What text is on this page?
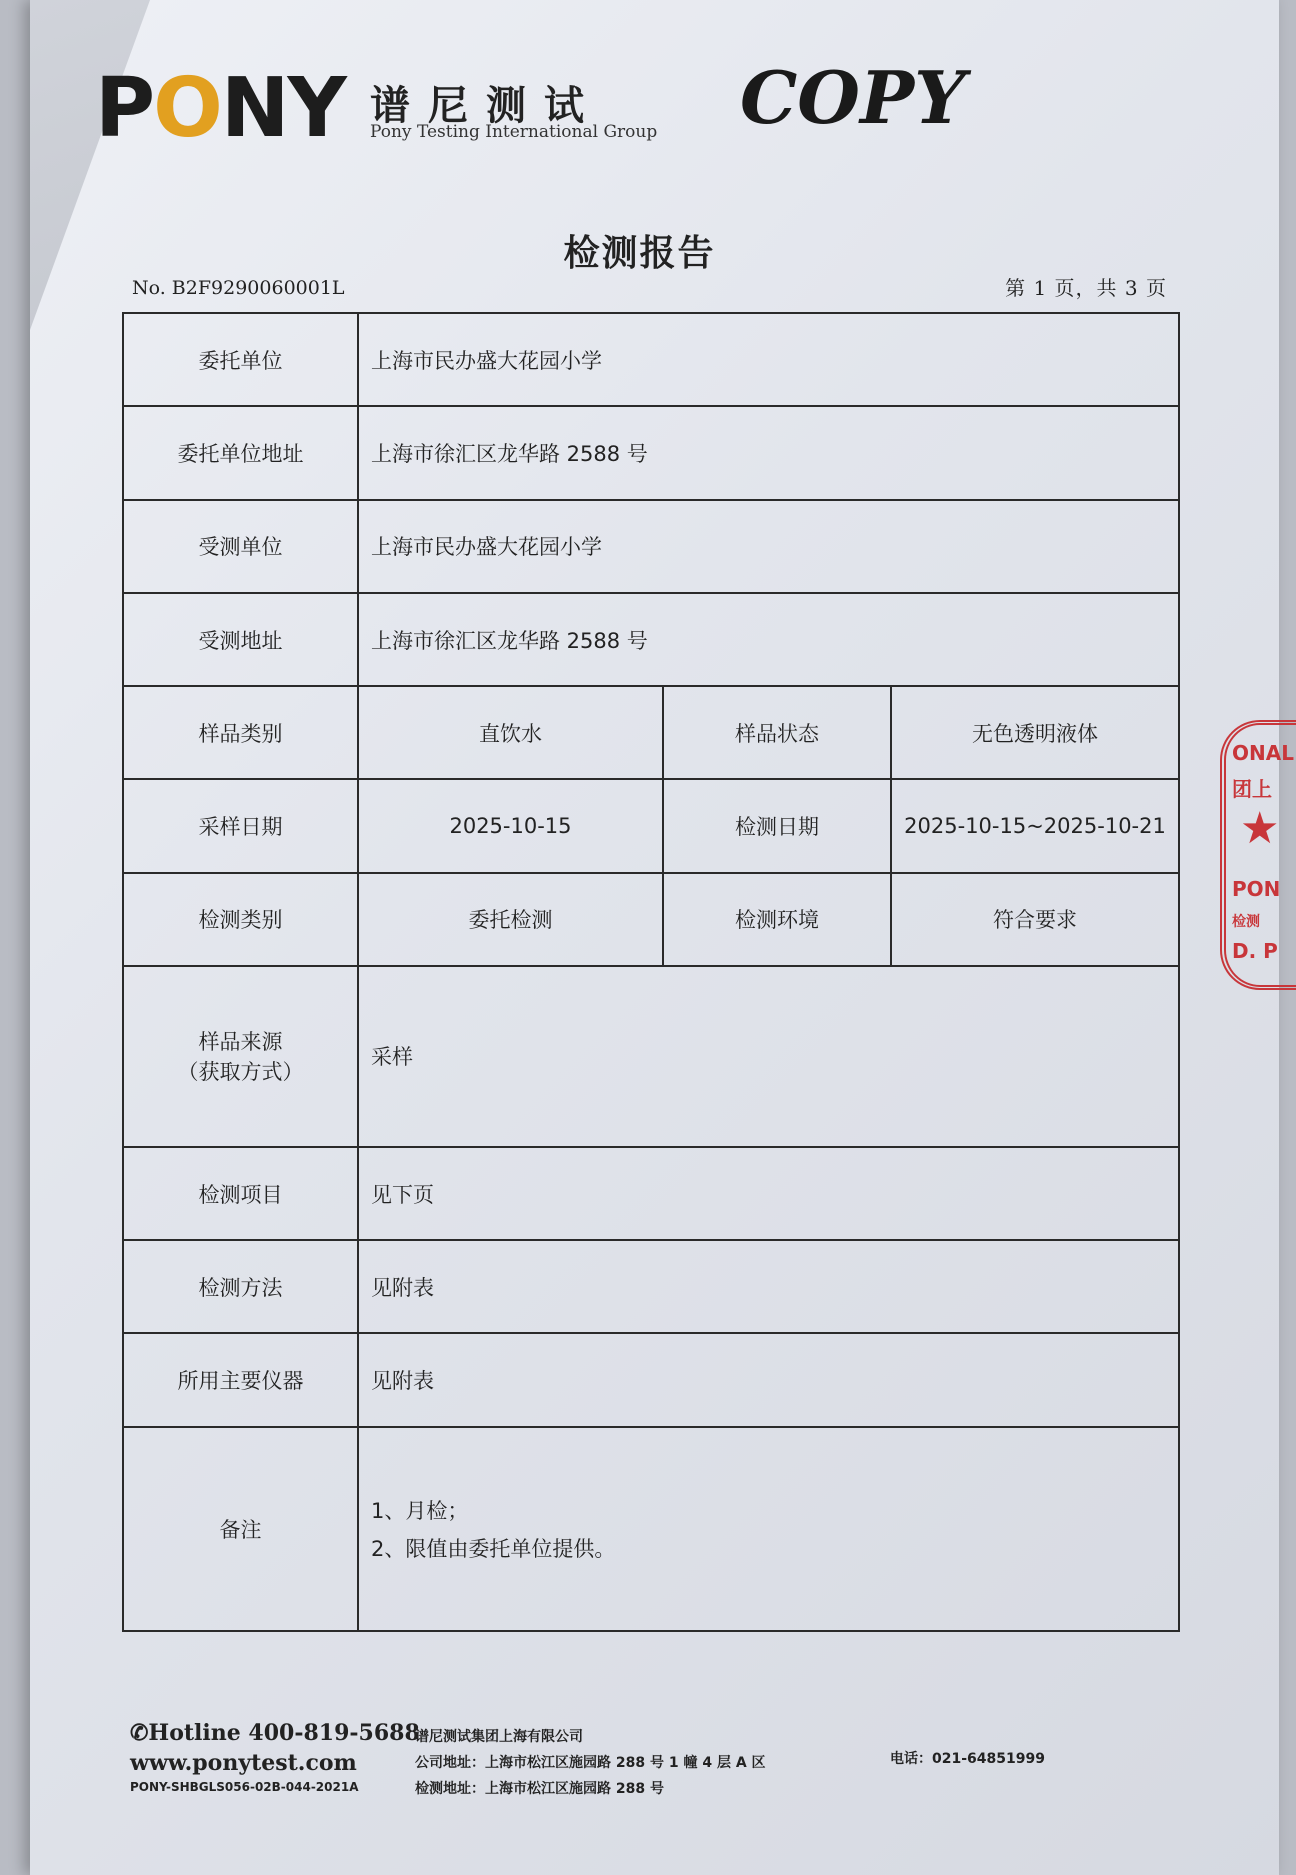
PONY 谱尼测试
Pony Testing International Group COPY
检测报告
No. B2F9290060001L	第 1 页，共 3 页
委托单位	上海市民办盛大花园小学		
委托单位地址	上海市徐汇区龙华路 2588 号		
受测单位	上海市民办盛大花园小学		
受测地址	上海市徐汇区龙华路 2588 号		
样品类别	直饮水	样品状态	无色透明液体
采样日期	2025-10-15	检测日期	2025-10-15~2025-10-21
检测类别	委托检测	检测环境	符合要求

样品来源
（获取方式）	采样		
检测项目	见下页		
检测方法	见附表		
所用主要仪器	见附表		
备注	1、月检；
2、限值由委托单位提供。		
ONAL
团上
★
PON
检测
D. P
✆Hotline 400-819-5688
www.ponytest.com
PONY-SHBGLS056-02B-044-2021A
谱尼测试集团上海有限公司
公司地址：上海市松江区施园路 288 号 1 幢 4 层 A 区
检测地址：上海市松江区施园路 288 号
电话：021-64851999
